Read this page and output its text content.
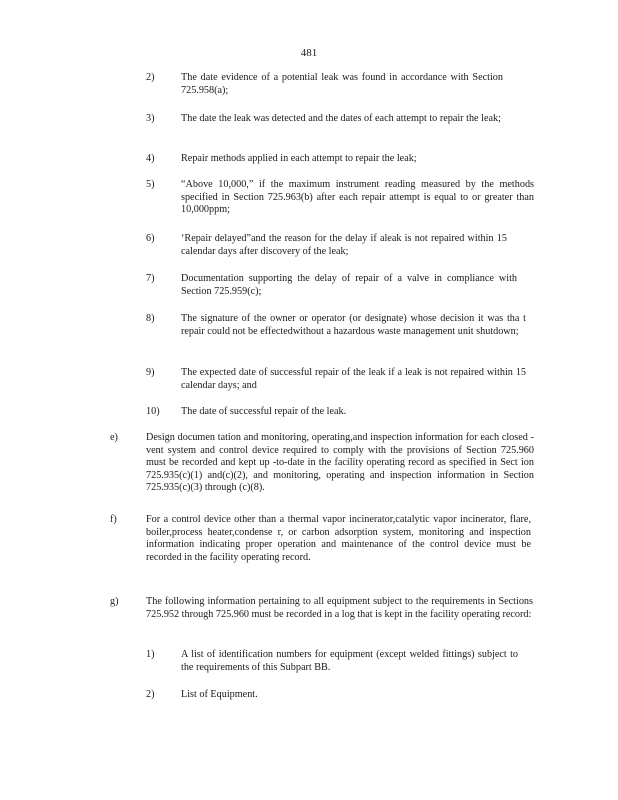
481
2)	The date evidence of a potential leak was found in accordance with Section 725.958(a);
3)	The date the leak was detected and the dates of each attempt to repair the leak;
4)	Repair methods applied in each attempt to repair the leak;
5)	“Above 10,000,” if the maximum instrument reading measured by the methods specified in Section 725.963(b) after each repair attempt is equal to or greater than 10,000ppm;
6)	‘Repair delayed”and the reason for the delay if aleak is not repaired within 15 calendar days after discovery of the leak;
7)	Documentation supporting the delay of repair of a valve in compliance with Section 725.959(c);
8)	The signature of the owner or operator (or designate) whose decision it was tha t repair could not be effectedwithout a hazardous waste management unit shutdown;
9)	The expected date of successful repair of the leak if a leak is not repaired within 15 calendar days; and
10) The date of successful repair of the leak.
e)	Design documen tation and monitoring, operating,and inspection information for each closed -vent system and control device required to comply with the provisions of Section 725.960 must be recorded and kept up -to-date in the facility operating record as specified in Sect ion 725.935(c)(1) and(c)(2), and monitoring, operating and inspection information in Section 725.935(c)(3) through (c)(8).
f)	For a control device other than a thermal vapor incinerator,catalytic vapor incinerator, flare, boiler,process heater,condense r, or carbon adsorption system, monitoring and inspection information indicating proper operation and maintenance of the control device must be recorded in the facility operating record.
g)	The following information pertaining to all equipment subject to the requirements in Sections 725.952 through 725.960 must be recorded in a log that is kept in the facility operating record:
1)	A list of identification numbers for equipment (except welded fittings) subject to the requirements of this Subpart BB.
2)	List of Equipment.
